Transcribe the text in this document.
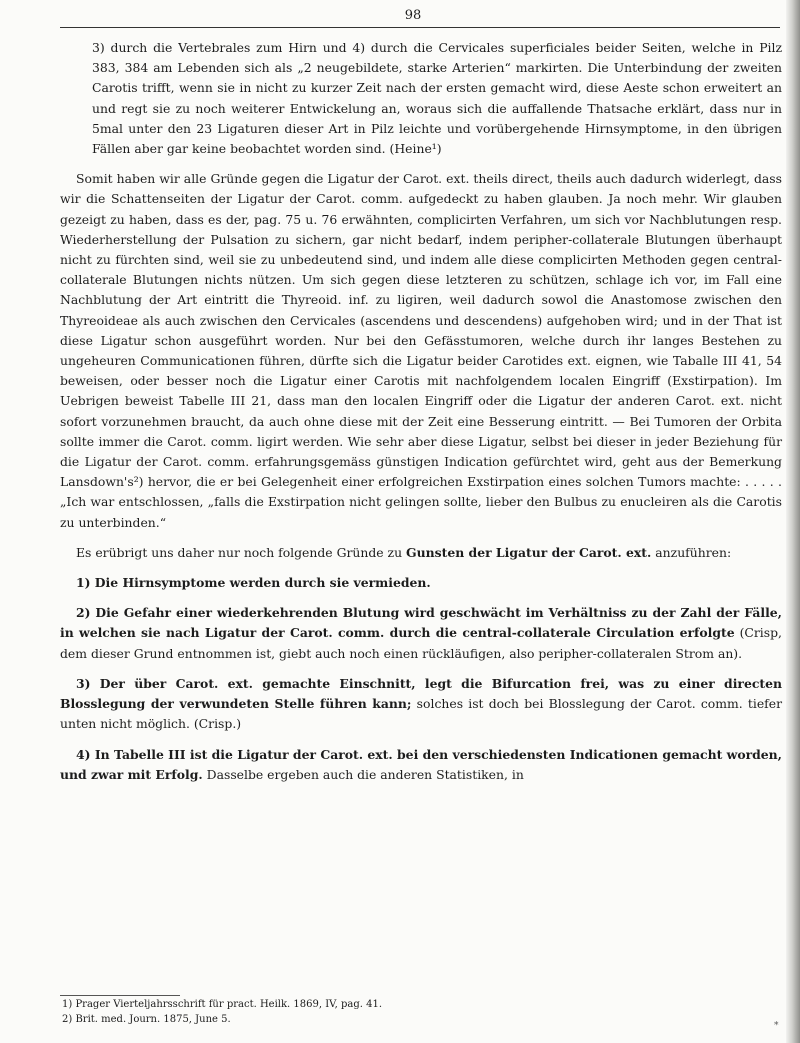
98

3) durch die Vertebrales zum Hirn und 4) durch die Cervicales superficiales beider Seiten, welche in Pilz 383, 384 am Lebenden sich als „2 neugebildete, starke Arterien“ markirten. Die Unterbindung der zweiten Carotis trifft, wenn sie in nicht zu kurzer Zeit nach der ersten gemacht wird, diese Aeste schon erweitert an und regt sie zu noch weiterer Entwickelung an, woraus sich die auffallende Thatsache erklärt, dass nur in 5mal unter den 23 Ligaturen dieser Art in Pilz leichte und vorübergehende Hirnsymptome, in den übrigen Fällen aber gar keine beobachtet worden sind. (Heine¹)

Somit haben wir alle Gründe gegen die Ligatur der Carot. ext. theils direct, theils auch dadurch widerlegt, dass wir die Schattenseiten der Ligatur der Carot. comm. aufgedeckt zu haben glauben. Ja noch mehr. Wir glauben gezeigt zu haben, dass es der, pag. 75 u. 76 erwähnten, complicirten Verfahren, um sich vor Nachblutungen resp. Wiederherstellung der Pulsation zu sichern, gar nicht bedarf, indem peripher-collaterale Blutungen überhaupt nicht zu fürchten sind, weil sie zu unbedeutend sind, und indem alle diese complicirten Methoden gegen central-collaterale Blutungen nichts nützen. Um sich gegen diese letzteren zu schützen, schlage ich vor, im Fall eine Nachblutung der Art eintritt die Thyreoid. inf. zu ligiren, weil dadurch sowol die Anastomose zwischen den Thyreoideae als auch zwischen den Cervicales (ascendens und descendens) aufgehoben wird; und in der That ist diese Ligatur schon ausgeführt worden. Nur bei den Gefässtumoren, welche durch ihr langes Bestehen zu ungeheuren Communicationen führen, dürfte sich die Ligatur beider Carotides ext. eignen, wie Taballe III 41, 54 beweisen, oder besser noch die Ligatur einer Carotis mit nachfolgendem localen Eingriff (Exstirpation). Im Uebrigen beweist Tabelle III 21, dass man den localen Eingriff oder die Ligatur der anderen Carot. ext. nicht sofort vorzunehmen braucht, da auch ohne diese mit der Zeit eine Besserung eintritt. — Bei Tumoren der Orbita sollte immer die Carot. comm. ligirt werden. Wie sehr aber diese Ligatur, selbst bei dieser in jeder Beziehung für die Ligatur der Carot. comm. erfahrungsgemäss günstigen Indication gefürchtet wird, geht aus der Bemerkung Lansdown's²) hervor, die er bei Gelegenheit einer erfolgreichen Exstirpation eines solchen Tumors machte: . . . . . „Ich war entschlossen, „falls die Exstirpation nicht gelingen sollte, lieber den Bulbus zu enucleiren als die Carotis zu unterbinden.“

Es erübrigt uns daher nur noch folgende Gründe zu Gunsten der Ligatur der Carot. ext. anzuführen:

1) Die Hirnsymptome werden durch sie vermieden.

2) Die Gefahr einer wiederkehrenden Blutung wird geschwächt im Verhältniss zu der Zahl der Fälle, in welchen sie nach Ligatur der Carot. comm. durch die central-collaterale Circulation erfolgte (Crisp, dem dieser Grund entnommen ist, giebt auch noch einen rückläufigen, also peripher-collateralen Strom an).

3) Der über Carot. ext. gemachte Einschnitt, legt die Bifurcation frei, was zu einer directen Blosslegung der verwundeten Stelle führen kann; solches ist doch bei Blosslegung der Carot. comm. tiefer unten nicht möglich. (Crisp.)

4) In Tabelle III ist die Ligatur der Carot. ext. bei den verschiedensten Indicationen gemacht worden, und zwar mit Erfolg. Dasselbe ergeben auch die anderen Statistiken, in

1) Prager Vierteljahrsschrift für pract. Heilk. 1869, IV, pag. 41.

2) Brit. med. Journ. 1875, June 5.

*
